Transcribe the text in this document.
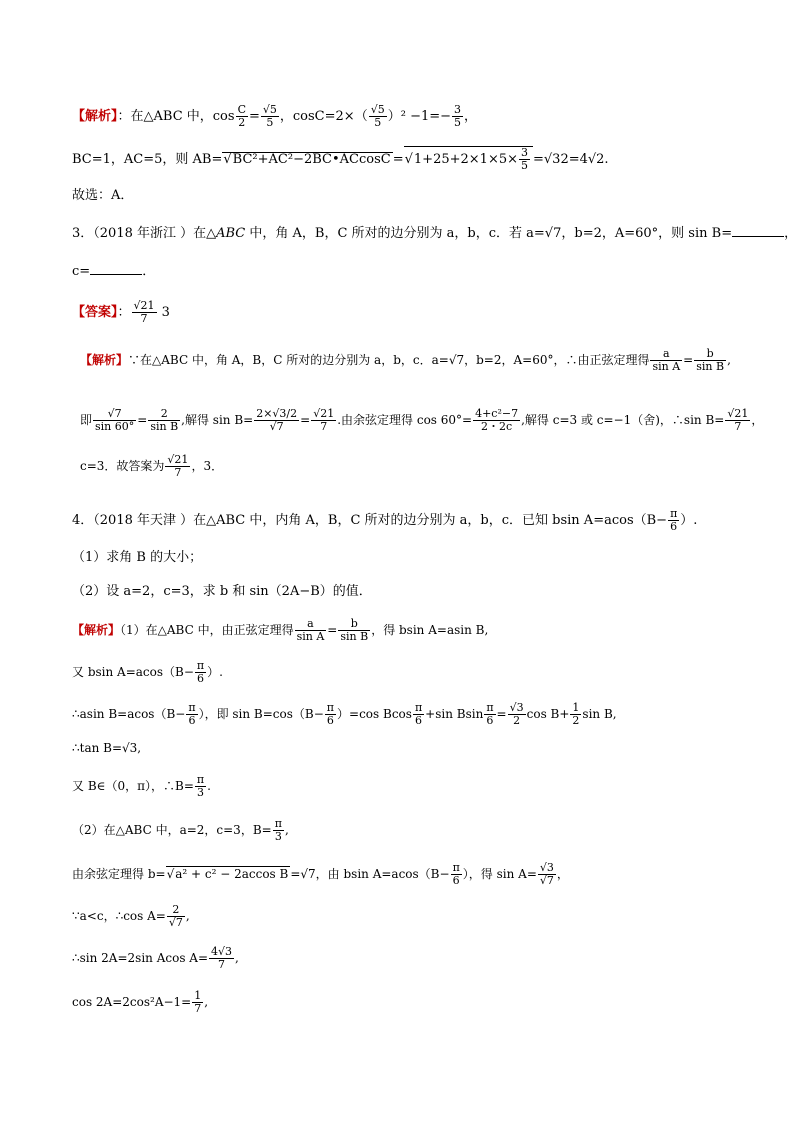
【解析】：在△ABC 中，$\cos \frac{C}{2} = \frac{√5}{5}$ ，$\cos C=2\times( \frac{√5}{5} )^2 -1=- \frac{3}{5}$ ，
BC=1，AC=5，则 AB= √ BC²+AC²−2BC•ACcosC = √ $1+25+2\times 1\times 5\times \frac{3}{5} =√32=4√2$.
故选：A．
3．（2018 年浙江 ）在△ABC 中，角 A，B，C 所对的边分别为 a，b，c．若 a=√7，b=2，A=60°，则 sin B=	，
c=	．
【答案】： $\frac{√21}{7} 3$
【解析】∵在△ABC 中，角 A，B，C 所对的边分别为 a，b，c．a=√7，b=2，A=60°，∴由正弦定理得 $\frac{a}{\text{sin A}} = \frac{b}{\text{sin B}}$ ,
即 $\frac{√7}{\sin 60^\circ} = \frac{2}{\text{sin B}}$ ,解得 $\sin B= \frac{2\times√3/2}{√7} = \frac{√21}{7}$ .由余弦定理得 $\cos 60^\circ= \frac{\text{4+c²−7}}{2・2c}$ ,解得 c=3 或 c=−1（舍)，∴sin $B= \frac{√21}{7}$ ，
c=3．故答案为 $\frac{√21}{7}$ ，3．
4．（2018 年天津 ）在△ABC 中，内角 A，B，C 所对的边分别为 a，b，c．已知 bsin $A=acos(B- \frac{\pi}{6}$ ）.
（1）求角 B 的大小；
（2）设 a=2，c=3，求 b 和 sin（2A−B）的值．
【解析】（1）在△ABC 中，由正弦定理得 $\frac{a}{\text{sin A}} = \frac{b}{\text{sin B}}$ ，得 bsin A=asin B,
又 bsin $A=acos(B- \frac{\pi}{6}$ ）.
∴asin $B=acos(B- \frac{\pi}{6}$ ），即 $\sin B=\cos(B- \frac{\pi}{6} )=\cos$ Bcos $\frac{\pi}{6} +\sin$ Bsin $\frac{\pi}{6} = \frac{√3}{2}$ $\cos B+ \frac{1}{2}$ sin B,
∴tan B=√3,
又 B∈（0，π），∴B= $\frac{\pi}{3}$ .
（2）在△ABC 中，a=2，c=3，$B= \frac{\pi}{3}$ ,
由余弦定理得 b= √ a² + c² − 2accos B =√7，由 bsin $A=acos(B- \frac{\pi}{6}$ ），得 $\sin A= \frac{√3}{√7}$ ，
∵a<c，∴cos $A= \frac{2}{√7}$ ,
∴sin 2A=2sin Acos $A= \frac{4√3}{7}$ ,
$\cos 2A=2\cos^2A-1= \frac{1}{7}$ ,
